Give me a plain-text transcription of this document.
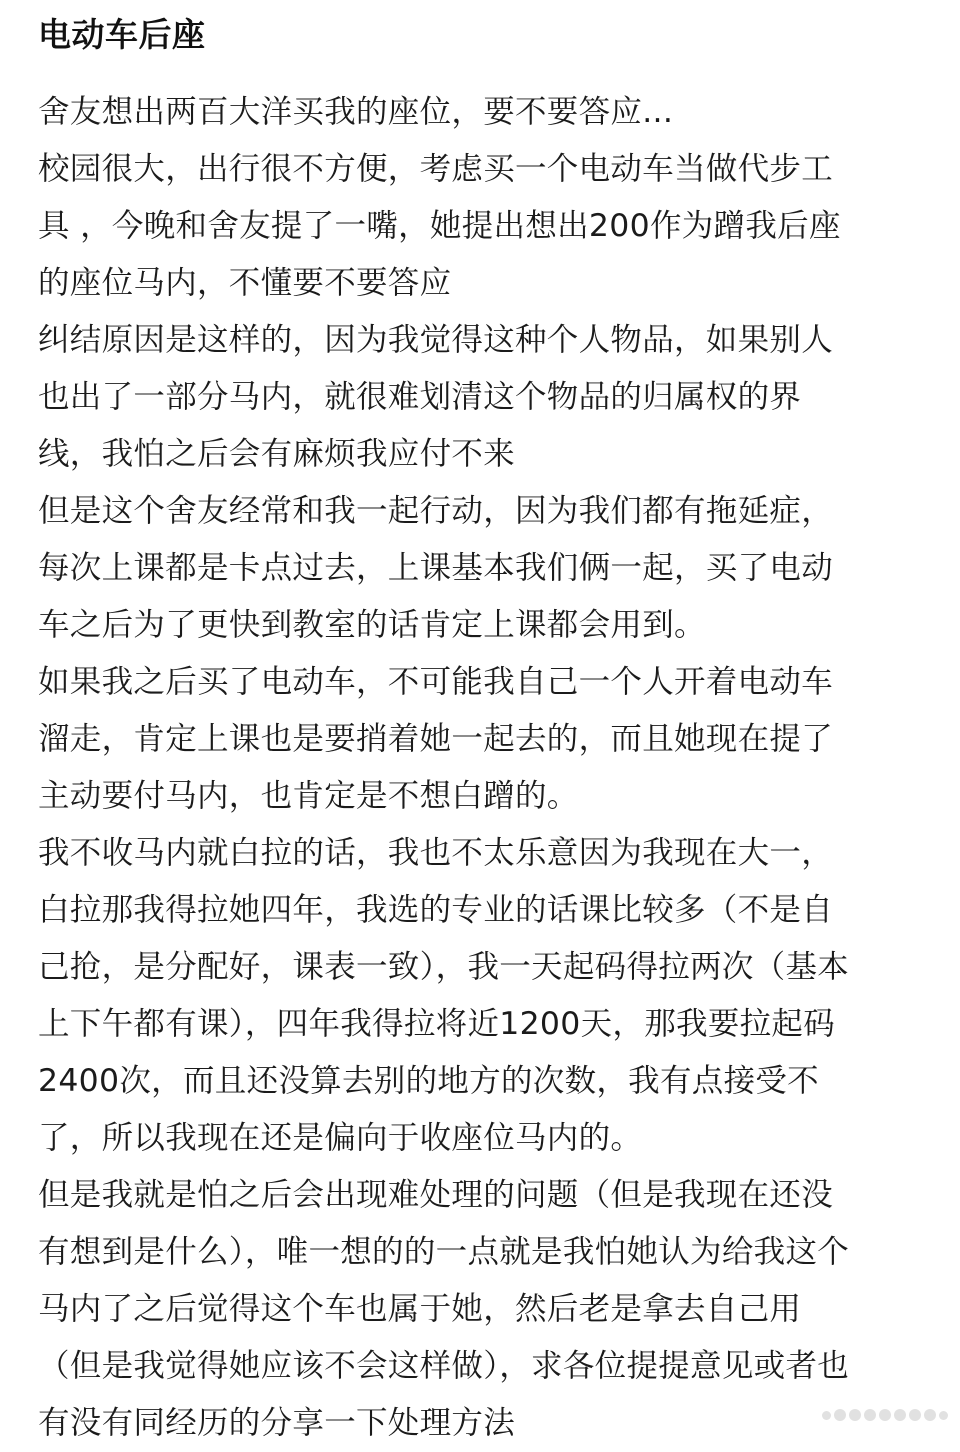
电动车后座
舍友想出两百大洋买我的座位，要不要答应...
校园很大，出行很不方便，考虑买一个电动车当做代步工
具 ，今晚和舍友提了一嘴，她提出想出200作为蹭我后座
的座位马内，不懂要不要答应
纠结原因是这样的，因为我觉得这种个人物品，如果别人
也出了一部分马内，就很难划清这个物品的归属权的界
线，我怕之后会有麻烦我应付不来
但是这个舍友经常和我一起行动，因为我们都有拖延症，
每次上课都是卡点过去，上课基本我们俩一起，买了电动
车之后为了更快到教室的话肯定上课都会用到。
如果我之后买了电动车，不可能我自己一个人开着电动车
溜走，肯定上课也是要捎着她一起去的，而且她现在提了
主动要付马内，也肯定是不想白蹭的。
我不收马内就白拉的话，我也不太乐意因为我现在大一，
白拉那我得拉她四年，我选的专业的话课比较多（不是自
己抢，是分配好，课表一致），我一天起码得拉两次（基本
上下午都有课），四年我得拉将近1200天，那我要拉起码
2400次，而且还没算去别的地方的次数，我有点接受不
了，所以我现在还是偏向于收座位马内的。
但是我就是怕之后会出现难处理的问题（但是我现在还没
有想到是什么），唯一想的的一点就是我怕她认为给我这个
马内了之后觉得这个车也属于她，然后老是拿去自己用
（但是我觉得她应该不会这样做），求各位提提意见或者也
有没有同经历的分享一下处理方法
